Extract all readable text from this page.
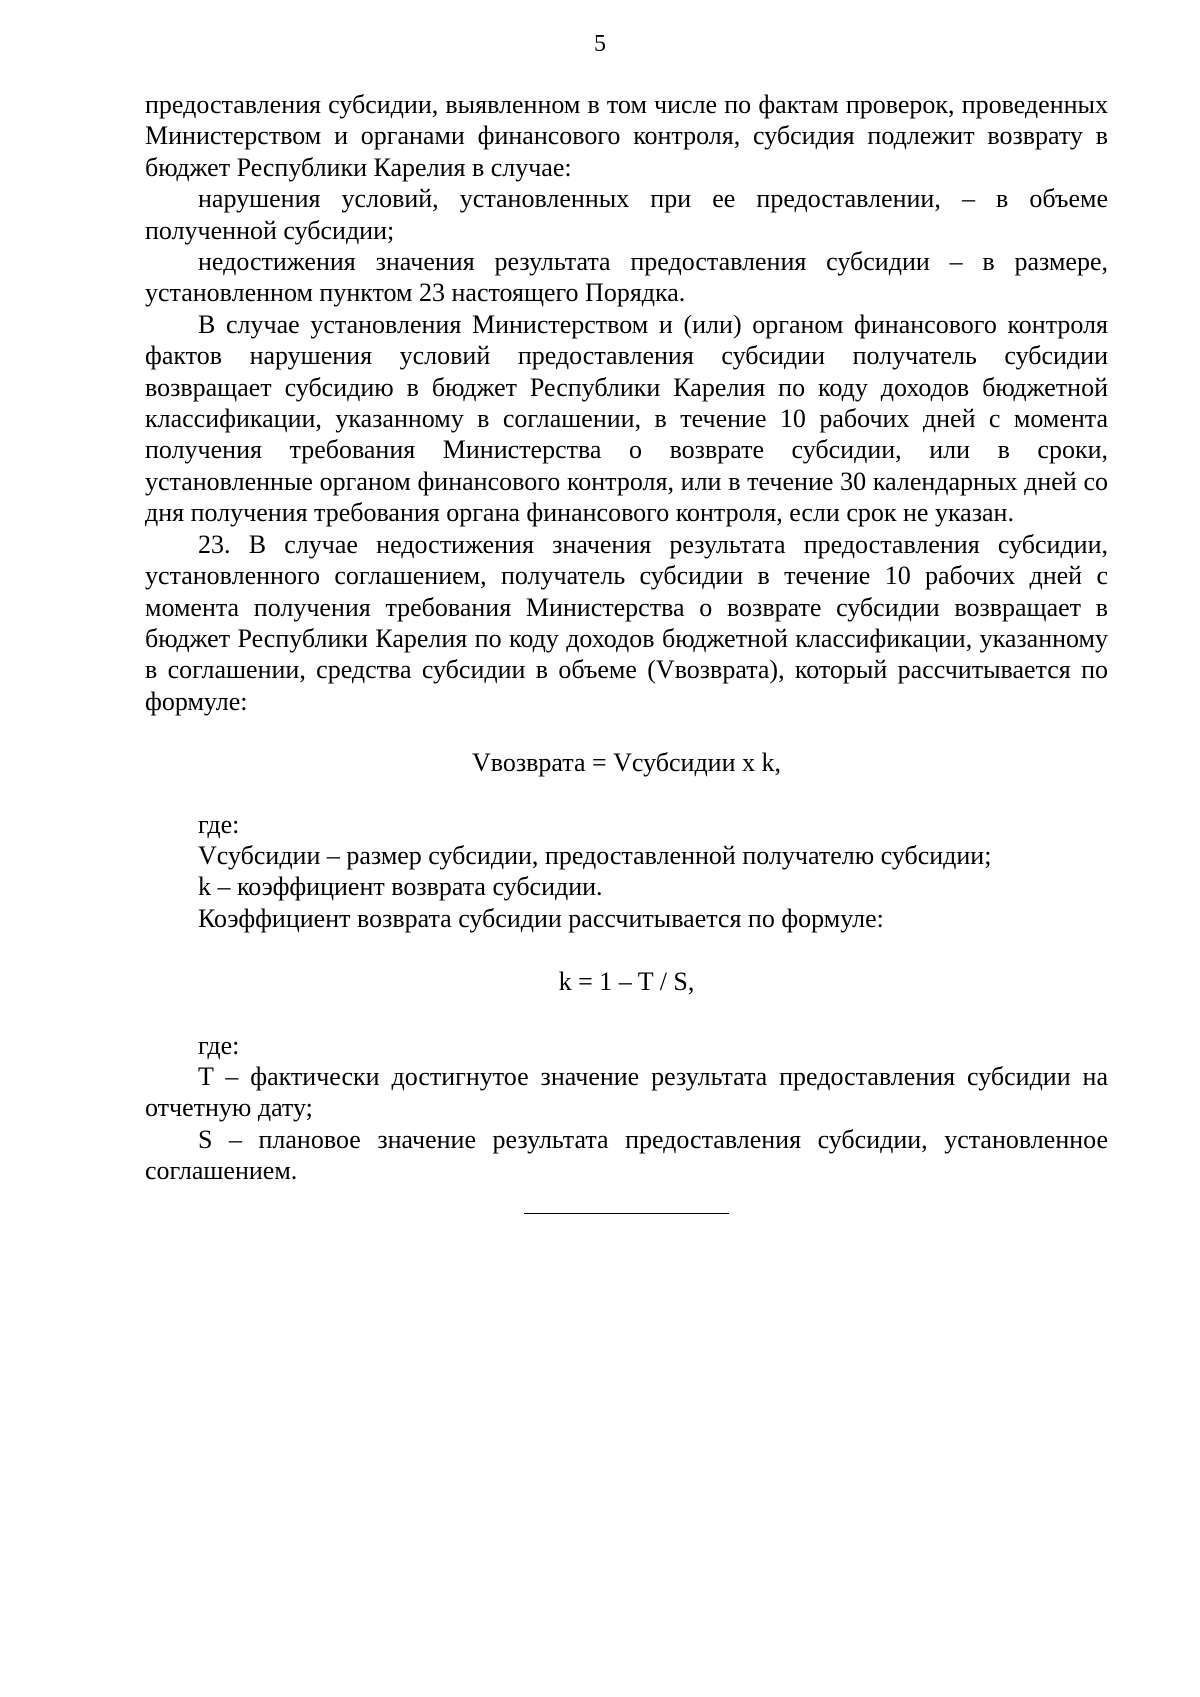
5

предоставления субсидии, выявленном в том числе по фактам проверок, проведенных Министерством и органами финансового контроля, субсидия подлежит возврату в бюджет Республики Карелия в случае:

нарушения условий, установленных при ее предоставлении, – в объеме полученной субсидии;

недостижения значения результата предоставления субсидии – в размере, установленном пунктом 23 настоящего Порядка.

В случае установления Министерством и (или) органом финансового контроля фактов нарушения условий предоставления субсидии получатель субсидии возвращает субсидию в бюджет Республики Карелия по коду доходов бюджетной классификации, указанному в соглашении, в течение 10 рабочих дней с момента получения требования Министерства о возврате субсидии, или в сроки, установленные органом финансового контроля, или в течение 30 календарных дней со дня получения требования органа финансового контроля, если срок не указан.

23. В случае недостижения значения результата предоставления субсидии, установленного соглашением, получатель субсидии в течение 10 рабочих дней с момента получения требования Министерства о возврате субсидии возвращает в бюджет Республики Карелия по коду доходов бюджетной классификации, указанному в соглашении, средства субсидии в объеме (Vвозврата), который рассчитывается по формуле:

Vвозврата = Vсубсидии x k,

где:

Vсубсидии – размер субсидии, предоставленной получателю субсидии;

k – коэффициент возврата субсидии.

Коэффициент возврата субсидии рассчитывается по формуле:

k = 1 – T / S,

где:

T – фактически достигнутое значение результата предоставления субсидии на отчетную дату;

S – плановое значение результата предоставления субсидии, установленное соглашением.
